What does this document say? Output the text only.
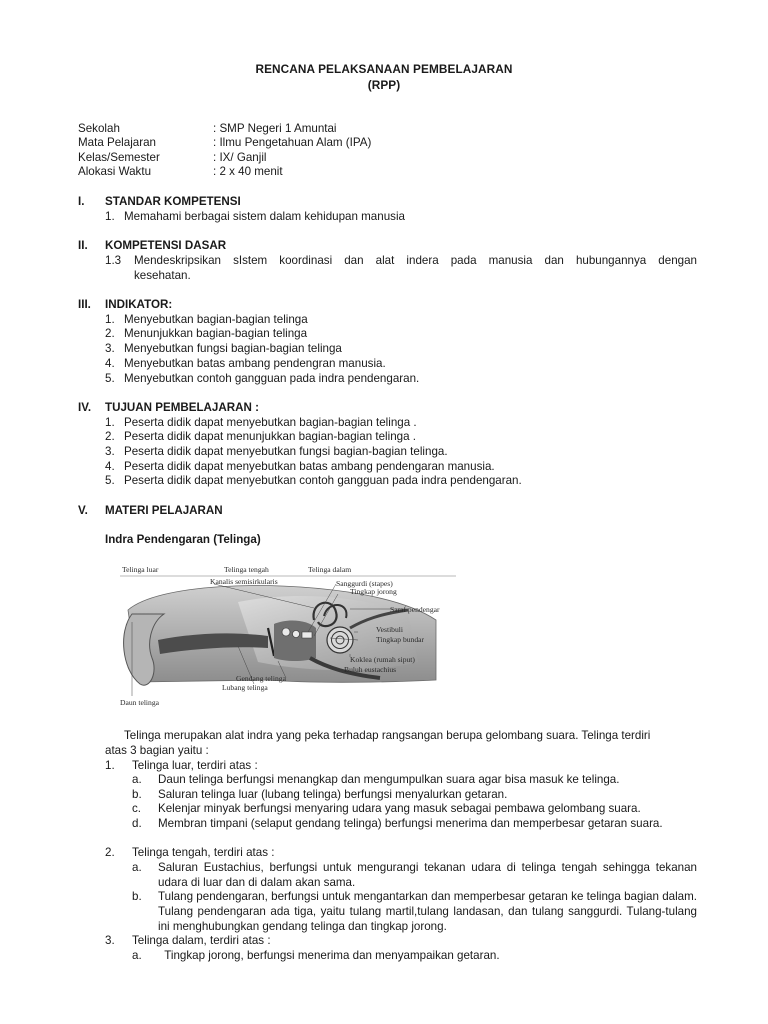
RENCANA PELAKSANAAN PEMBELAJARAN
(RPP)
Sekolah	: SMP Negeri 1 Amuntai
Mata Pelajaran	: Ilmu Pengetahuan Alam (IPA)
Kelas/Semester	: IX/ Ganjil
Alokasi Waktu	: 2 x 40 menit
I. STANDAR KOMPETENSI
1. Memahami berbagai sistem dalam kehidupan manusia
II. KOMPETENSI DASAR
1.3 Mendeskripsikan sIstem koordinasi dan alat indera pada manusia dan hubungannya dengan
kesehatan.
III. INDIKATOR:
1. Menyebutkan bagian-bagian telinga
2. Menunjukkan bagian-bagian telinga
3. Menyebutkan fungsi bagian-bagian telinga
4. Menyebutkan batas ambang pendengran manusia.
5. Menyebutkan contoh gangguan pada indra pendengaran.
IV. TUJUAN PEMBELAJARAN :
1. Peserta didik dapat menyebutkan bagian-bagian telinga .
2. Peserta didik dapat menunjukkan bagian-bagian telinga .
3. Peserta didik dapat menyebutkan fungsi bagian-bagian telinga.
4. Peserta didik dapat menyebutkan batas ambang pendengaran manusia.
5. Peserta didik dapat menyebutkan contoh gangguan pada indra pendengaran.
V. MATERI PELAJARAN
Indra Pendengaran (Telinga)
Telinga luar	Telinga tengah	Telinga dalam
Kanalis semisirkularis	Sanggurdi (stapes)
Tingkap jorong
Saraf pendengar
Vestibuli
Tingkap bundar
Koklea (rumah siput)
Buluh eustachius
Gendang telinga
Lubang telinga
Daun telinga
Telinga merupakan alat indra yang peka terhadap rangsangan berupa gelombang suara. Telinga terdiri
atas 3 bagian yaitu :
1. Telinga luar, terdiri atas :
a. Daun telinga berfungsi menangkap dan mengumpulkan suara agar bisa masuk ke telinga.
b. Saluran telinga luar (lubang telinga) berfungsi menyalurkan getaran.
c. Kelenjar minyak berfungsi menyaring udara yang masuk sebagai pembawa gelombang suara.
d. Membran timpani (selaput gendang telinga) berfungsi menerima dan memperbesar getaran suara.
2. Telinga tengah, terdiri atas :
a. Saluran Eustachius, berfungsi untuk mengurangi tekanan udara di telinga tengah sehingga tekanan udara di luar dan di dalam akan sama.
b. Tulang pendengaran, berfungsi untuk mengantarkan dan memperbesar getaran ke telinga bagian dalam. Tulang pendengaran ada tiga, yaitu tulang martil,tulang landasan, dan tulang sanggurdi. Tulang-tulang ini menghubungkan gendang telinga dan tingkap jorong.
3. Telinga dalam, terdiri atas :
a. Tingkap jorong, berfungsi menerima dan menyampaikan getaran.
